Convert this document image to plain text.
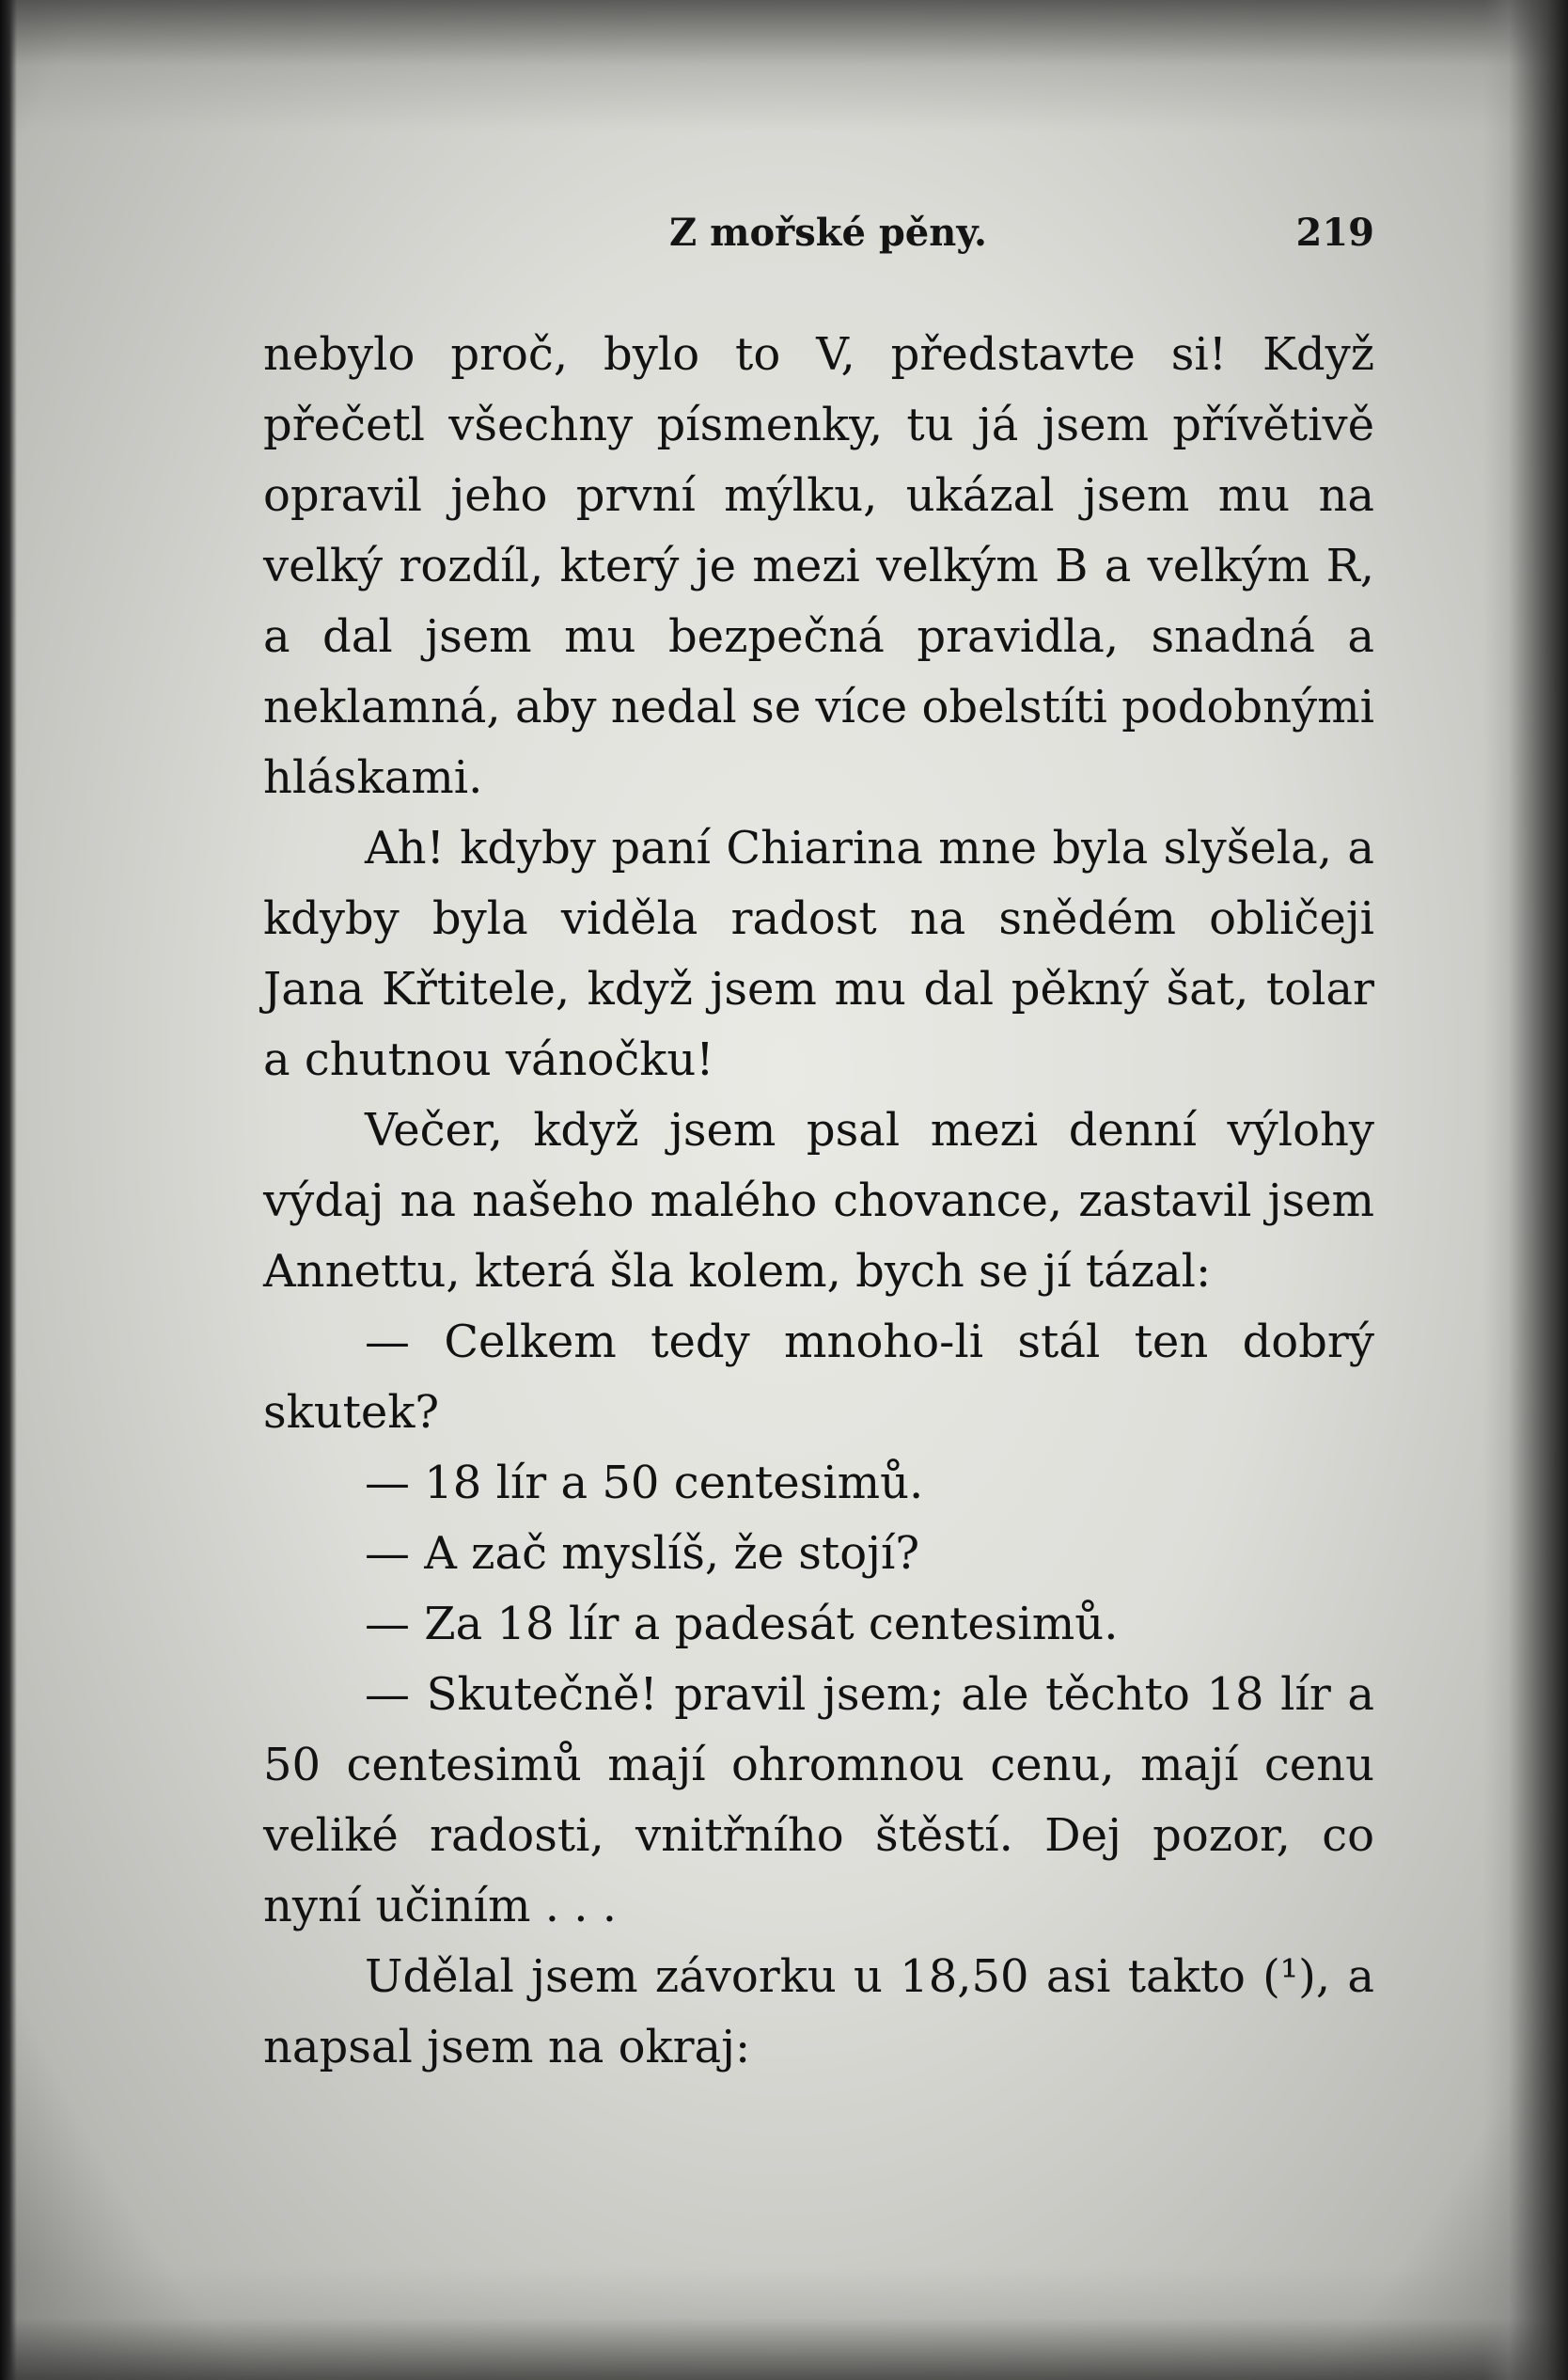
Z mořské pěny.	219

nebylo proč, bylo to V, představte si! Když přečetl všechny písmenky, tu já jsem přívětivě opravil jeho první mýlku, ukázal jsem mu na velký rozdíl, který je mezi velkým B a velkým R, a dal jsem mu bezpečná pravidla, snadná a neklamná, aby nedal se více obelstíti podobnými hláskami.

Ah! kdyby paní Chiarina mne byla slyšela, a kdyby byla viděla radost na snědém obličeji Jana Křtitele, když jsem mu dal pěkný šat, tolar a chutnou vánočku!

Večer, když jsem psal mezi denní výlohy výdaj na našeho malého chovance, zastavil jsem Annettu, která šla kolem, bych se jí tázal:

— Celkem tedy mnoho-li stál ten dobrý skutek?

— 18 lír a 50 centesimů.

— A zač myslíš, že stojí?

— Za 18 lír a padesát centesimů.

— Skutečně! pravil jsem; ale těchto 18 lír a 50 centesimů mají ohromnou cenu, mají cenu veliké radosti, vnitřního štěstí. Dej pozor, co nyní učiním . . .

Udělal jsem závorku u 18,50 asi takto (¹), a napsal jsem na okraj:
